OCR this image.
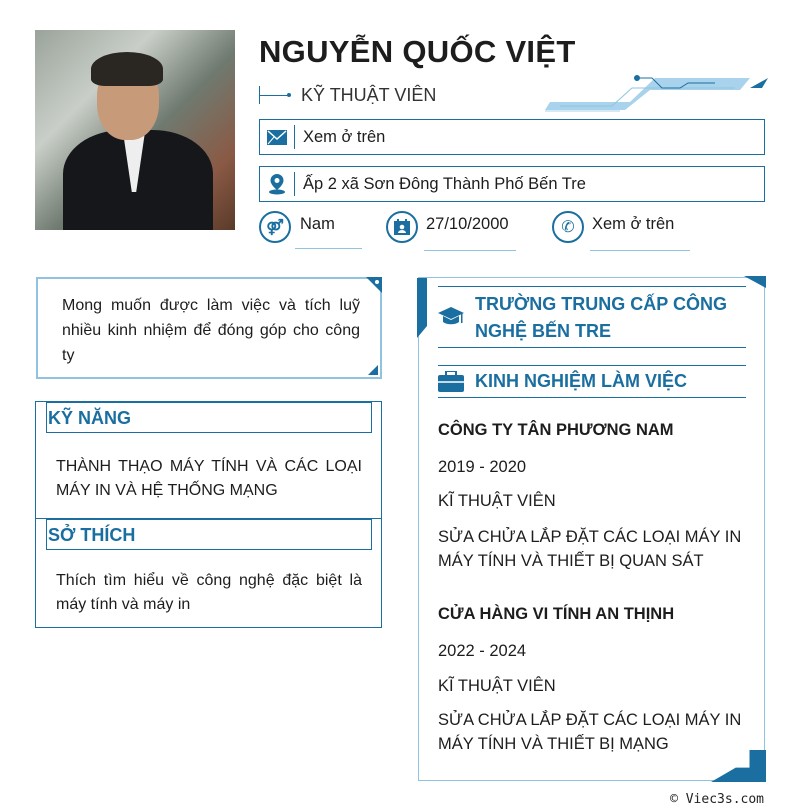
NGUYỄN QUỐC VIỆT
KỸ THUẬT VIÊN
Xem ở trên
Ấp 2 xã Sơn Đông Thành Phố Bến Tre
⚤ Nam	27/10/2000	✆ Xem ở trên

Mong muốn được làm việc và tích luỹ nhiều kinh nhiệm để đóng góp cho công ty

KỸ NĂNG

THÀNH THẠO MÁY TÍNH VÀ CÁC LOẠI MÁY IN VÀ HỆ THỐNG MẠNG

SỞ THÍCH

Thích tìm hiểu về công nghệ đặc biệt là máy tính và máy in

TRƯỜNG TRUNG CẤP CÔNG NGHỆ BẾN TRE
KINH NGHIỆM LÀM VIỆC
CÔNG TY TÂN PHƯƠNG NAM
2019 - 2020
KĨ THUẬT VIÊN
SỬA CHỬA LẮP ĐẶT CÁC LOẠI MÁY IN MÁY TÍNH VÀ THIẾT BỊ QUAN SÁT
CỬA HÀNG VI TÍNH AN THỊNH
2022 - 2024
KĨ THUẬT VIÊN
SỬA CHỬA LẮP ĐẶT CÁC LOẠI MÁY IN MÁY TÍNH VÀ THIẾT BỊ MẠNG
© Viec3s.com
